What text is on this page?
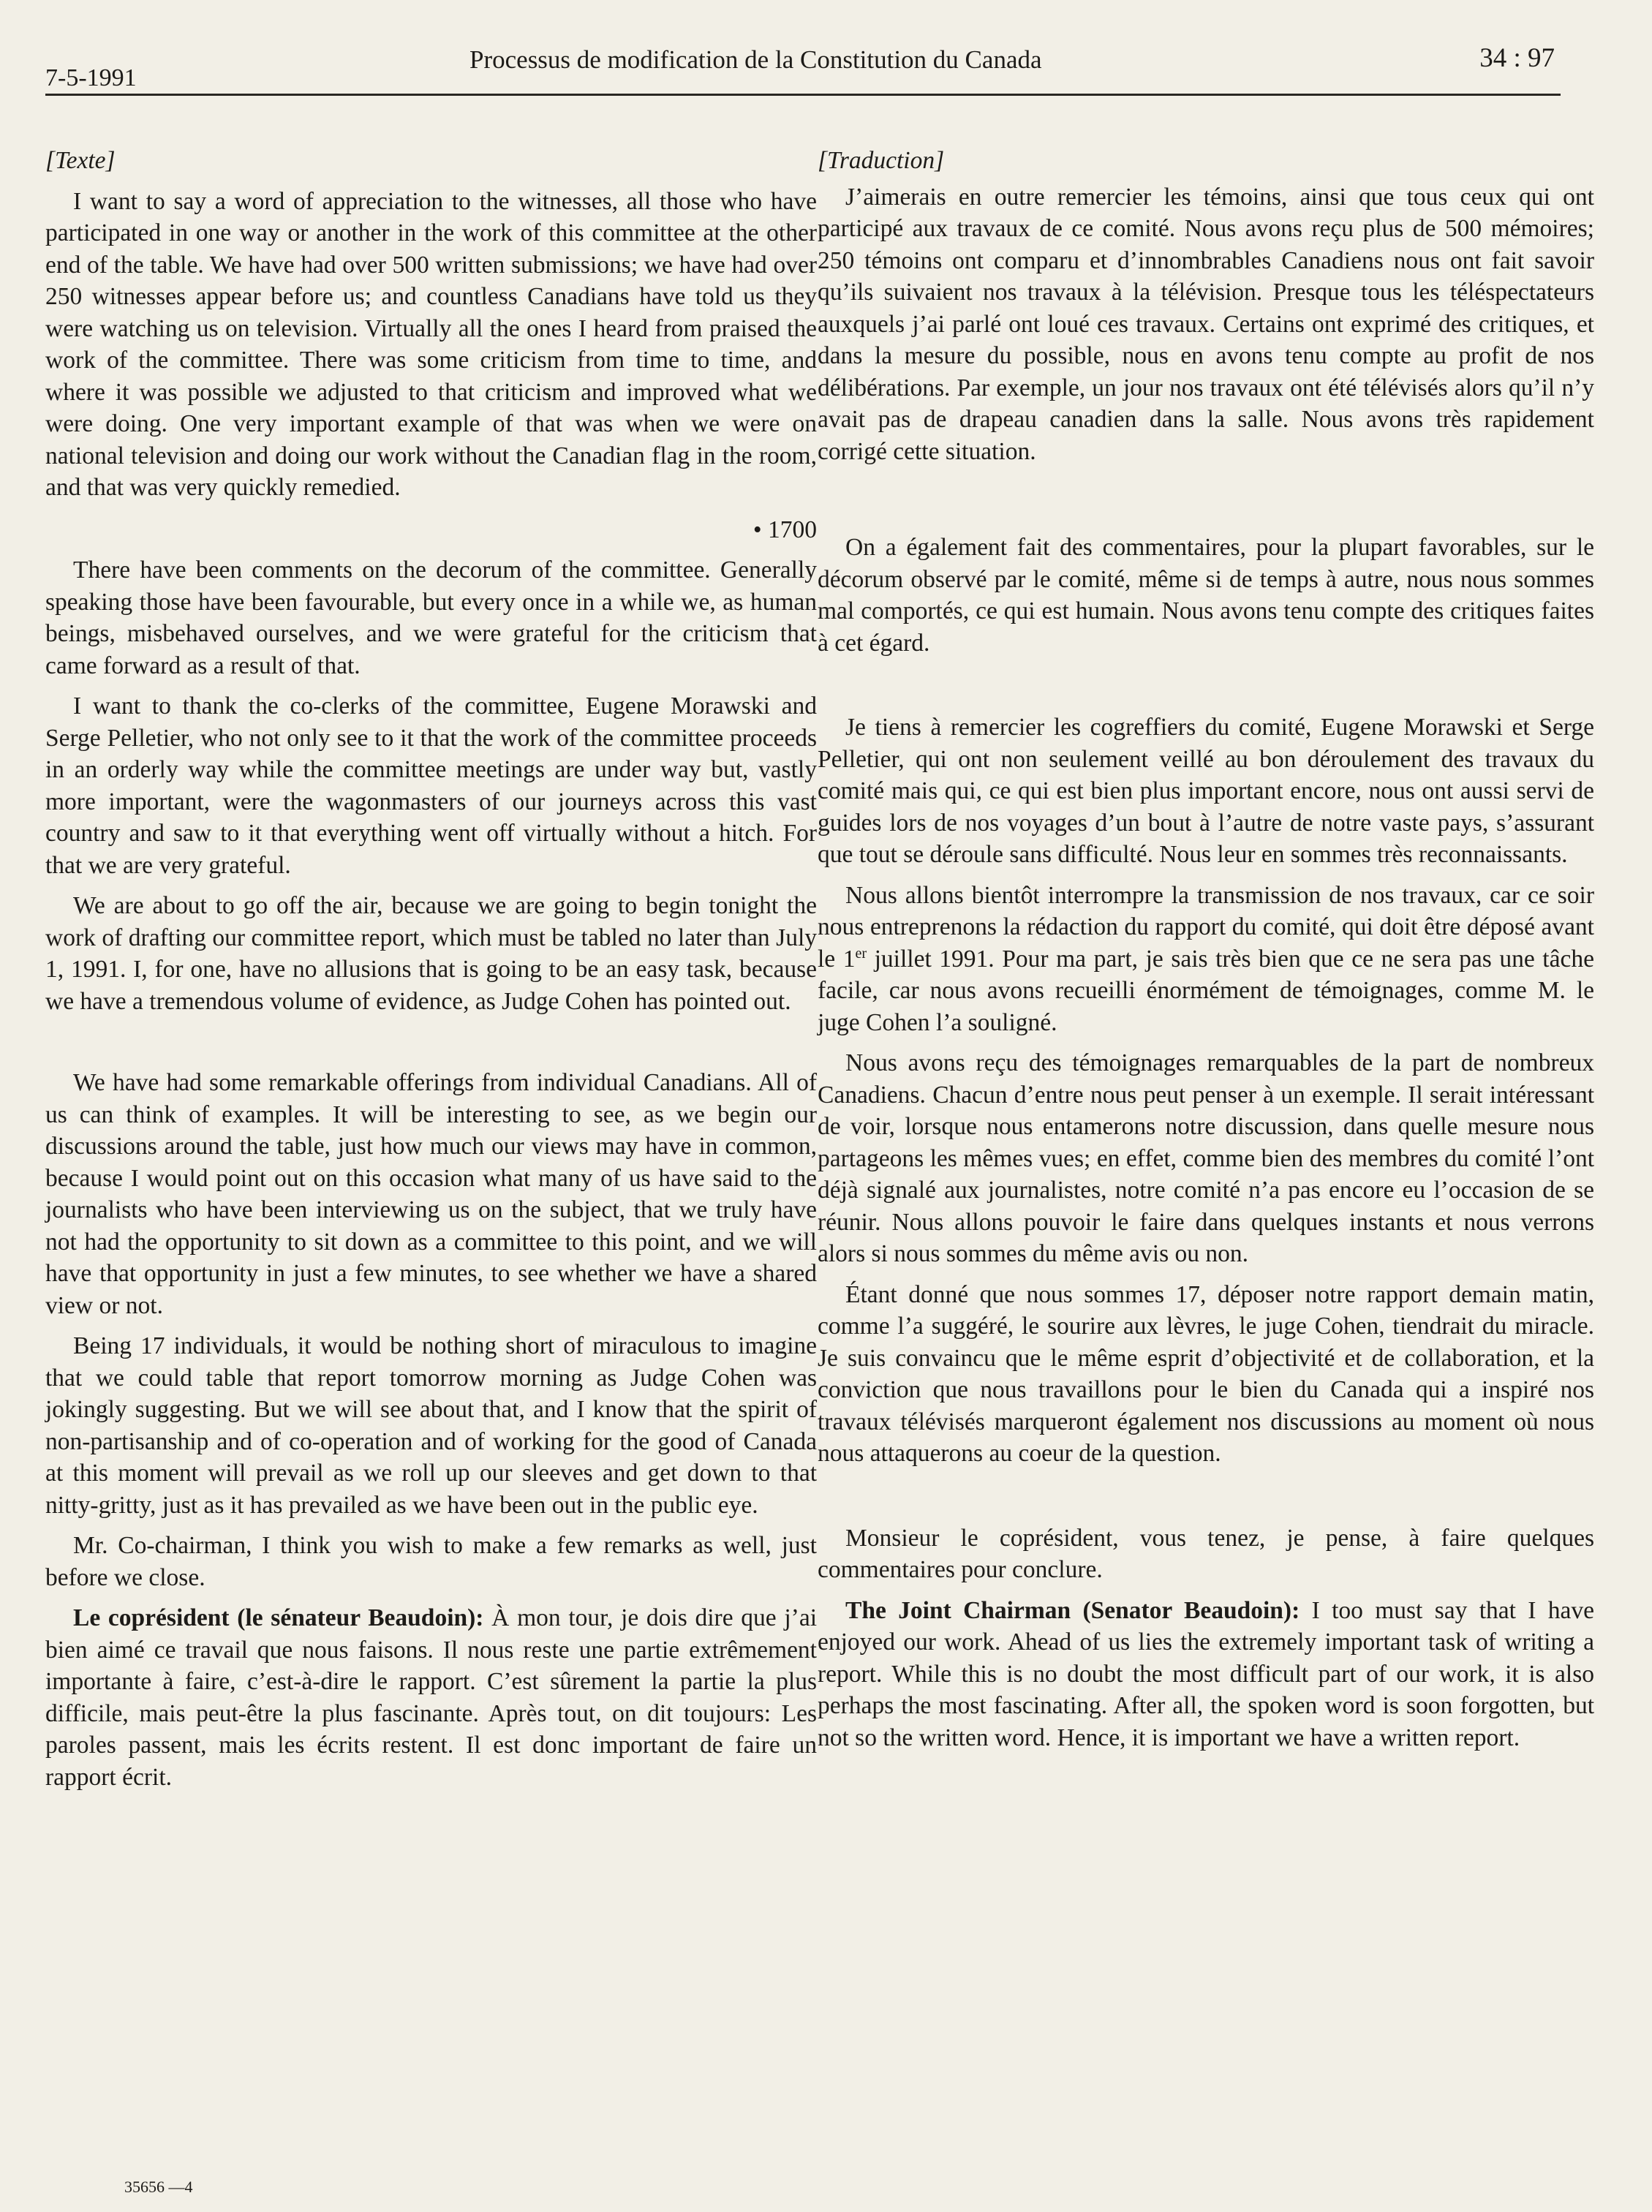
7-5-1991
Processus de modification de la Constitution du Canada	34 : 97

[Texte]

I want to say a word of appreciation to the witnesses, all those who have participated in one way or another in the work of this committee at the other end of the table. We have had over 500 written submissions; we have had over 250 witnesses appear before us; and countless Canadians have told us they were watching us on television. Virtually all the ones I heard from praised the work of the committee. There was some criticism from time to time, and where it was possible we adjusted to that criticism and improved what we were doing. One very important example of that was when we were on national television and doing our work without the Canadian flag in the room, and that was very quickly remedied.

• 1700

There have been comments on the decorum of the committee. Generally speaking those have been favourable, but every once in a while we, as human beings, misbehaved ourselves, and we were grateful for the criticism that came forward as a result of that.

I want to thank the co-clerks of the committee, Eugene Morawski and Serge Pelletier, who not only see to it that the work of the committee proceeds in an orderly way while the committee meetings are under way but, vastly more important, were the wagonmasters of our journeys across this vast country and saw to it that everything went off virtually without a hitch. For that we are very grateful.

We are about to go off the air, because we are going to begin tonight the work of drafting our committee report, which must be tabled no later than July 1, 1991. I, for one, have no allusions that is going to be an easy task, because we have a tremendous volume of evidence, as Judge Cohen has pointed out.

We have had some remarkable offerings from individual Canadians. All of us can think of examples. It will be interesting to see, as we begin our discussions around the table, just how much our views may have in common, because I would point out on this occasion what many of us have said to the journalists who have been interviewing us on the subject, that we truly have not had the opportunity to sit down as a committee to this point, and we will have that opportunity in just a few minutes, to see whether we have a shared view or not.

Being 17 individuals, it would be nothing short of miraculous to imagine that we could table that report tomorrow morning as Judge Cohen was jokingly suggesting. But we will see about that, and I know that the spirit of non-partisanship and of co-operation and of working for the good of Canada at this moment will prevail as we roll up our sleeves and get down to that nitty-gritty, just as it has prevailed as we have been out in the public eye.

Mr. Co-chairman, I think you wish to make a few remarks as well, just before we close.

Le coprésident (le sénateur Beaudoin): À mon tour, je dois dire que j’ai bien aimé ce travail que nous faisons. Il nous reste une partie extrêmement importante à faire, c’est-à-dire le rapport. C’est sûrement la partie la plus difficile, mais peut-être la plus fascinante. Après tout, on dit toujours: Les paroles passent, mais les écrits restent. Il est donc important de faire un rapport écrit.

[Traduction]

J’aimerais en outre remercier les témoins, ainsi que tous ceux qui ont participé aux travaux de ce comité. Nous avons reçu plus de 500 mémoires; 250 témoins ont comparu et d’innombrables Canadiens nous ont fait savoir qu’ils suivaient nos travaux à la télévision. Presque tous les téléspectateurs auxquels j’ai parlé ont loué ces travaux. Certains ont exprimé des critiques, et dans la mesure du possible, nous en avons tenu compte au profit de nos délibérations. Par exemple, un jour nos travaux ont été télévisés alors qu’il n’y avait pas de drapeau canadien dans la salle. Nous avons très rapidement corrigé cette situation.

On a également fait des commentaires, pour la plupart favorables, sur le décorum observé par le comité, même si de temps à autre, nous nous sommes mal comportés, ce qui est humain. Nous avons tenu compte des critiques faites à cet égard.

Je tiens à remercier les cogreffiers du comité, Eugene Morawski et Serge Pelletier, qui ont non seulement veillé au bon déroulement des travaux du comité mais qui, ce qui est bien plus important encore, nous ont aussi servi de guides lors de nos voyages d’un bout à l’autre de notre vaste pays, s’assurant que tout se déroule sans difficulté. Nous leur en sommes très reconnaissants.

Nous allons bientôt interrompre la transmission de nos travaux, car ce soir nous entreprenons la rédaction du rapport du comité, qui doit être déposé avant le 1er juillet 1991. Pour ma part, je sais très bien que ce ne sera pas une tâche facile, car nous avons recueilli énormément de témoignages, comme M. le juge Cohen l’a souligné.

Nous avons reçu des témoignages remarquables de la part de nombreux Canadiens. Chacun d’entre nous peut penser à un exemple. Il serait intéressant de voir, lorsque nous entamerons notre discussion, dans quelle mesure nous partageons les mêmes vues; en effet, comme bien des membres du comité l’ont déjà signalé aux journalistes, notre comité n’a pas encore eu l’occasion de se réunir. Nous allons pouvoir le faire dans quelques instants et nous verrons alors si nous sommes du même avis ou non.

Étant donné que nous sommes 17, déposer notre rapport demain matin, comme l’a suggéré, le sourire aux lèvres, le juge Cohen, tiendrait du miracle. Je suis convaincu que le même esprit d’objectivité et de collaboration, et la conviction que nous travaillons pour le bien du Canada qui a inspiré nos travaux télévisés marqueront également nos discussions au moment où nous nous attaquerons au coeur de la question.

Monsieur le coprésident, vous tenez, je pense, à faire quelques commentaires pour conclure.

The Joint Chairman (Senator Beaudoin): I too must say that I have enjoyed our work. Ahead of us lies the extremely important task of writing a report. While this is no doubt the most difficult part of our work, it is also perhaps the most fascinating. After all, the spoken word is soon forgotten, but not so the written word. Hence, it is important we have a written report.

35656 —4
